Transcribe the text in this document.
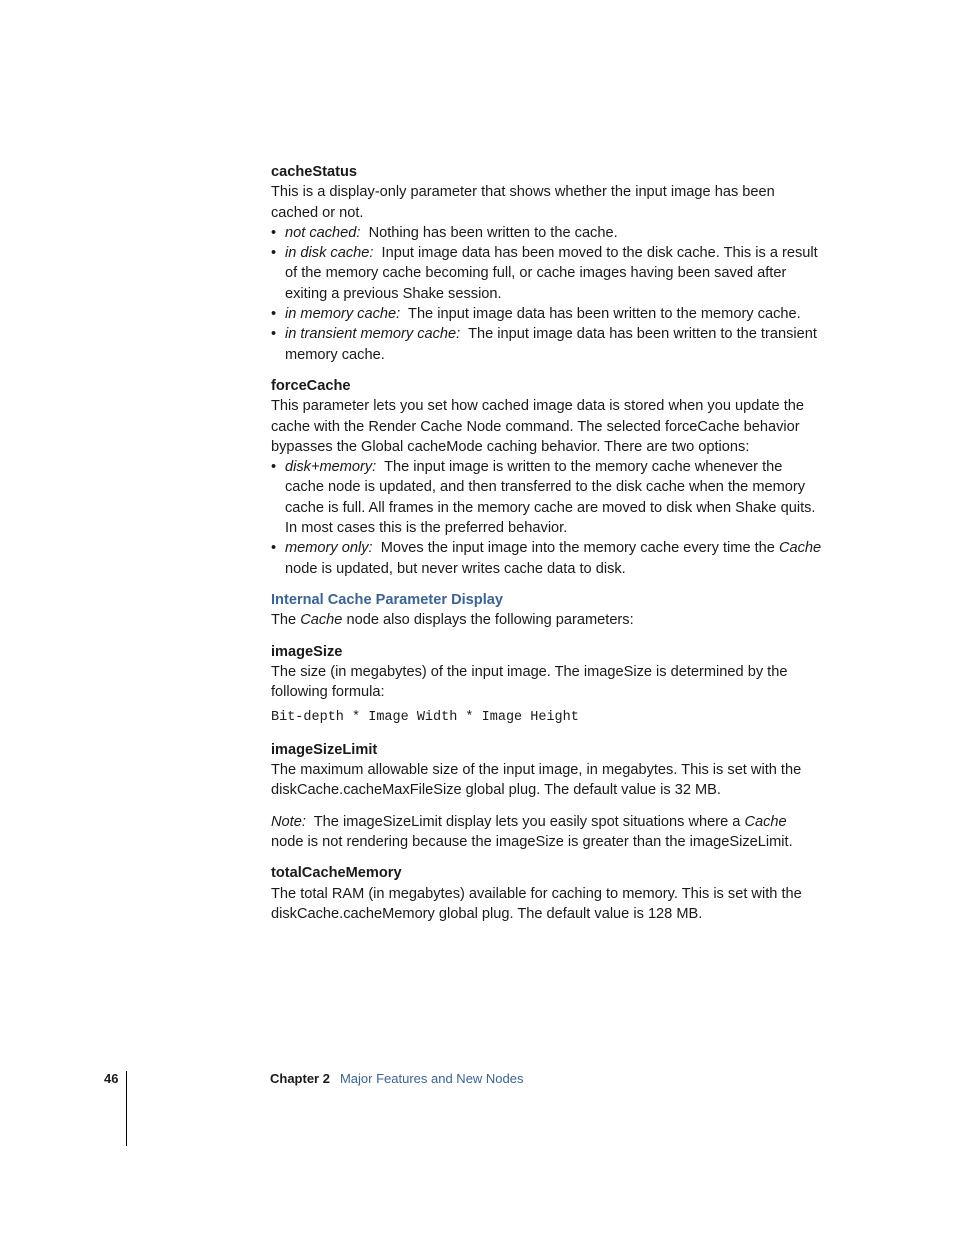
cacheStatus

This is a display-only parameter that shows whether the input image has been cached or not.

• not cached: Nothing has been written to the cache.
• in disk cache: Input image data has been moved to the disk cache. This is a result of the memory cache becoming full, or cache images having been saved after exiting a previous Shake session.
• in memory cache: The input image data has been written to the memory cache.
• in transient memory cache: The input image data has been written to the transient memory cache.

forceCache

This parameter lets you set how cached image data is stored when you update the cache with the Render Cache Node command. The selected forceCache behavior bypasses the Global cacheMode caching behavior. There are two options:

• disk+memory: The input image is written to the memory cache whenever the cache node is updated, and then transferred to the disk cache when the memory cache is full. All frames in the memory cache are moved to disk when Shake quits. In most cases this is the preferred behavior.
• memory only: Moves the input image into the memory cache every time the Cache node is updated, but never writes cache data to disk.

Internal Cache Parameter Display

The Cache node also displays the following parameters:

imageSize

The size (in megabytes) of the input image. The imageSize is determined by the following formula:

Bit-depth * Image Width * Image Height

imageSizeLimit

The maximum allowable size of the input image, in megabytes. This is set with the diskCache.cacheMaxFileSize global plug. The default value is 32 MB.

Note: The imageSizeLimit display lets you easily spot situations where a Cache node is not rendering because the imageSize is greater than the imageSizeLimit.

totalCacheMemory

The total RAM (in megabytes) available for caching to memory. This is set with the diskCache.cacheMemory global plug. The default value is 128 MB.

46	Chapter 2 Major Features and New Nodes
